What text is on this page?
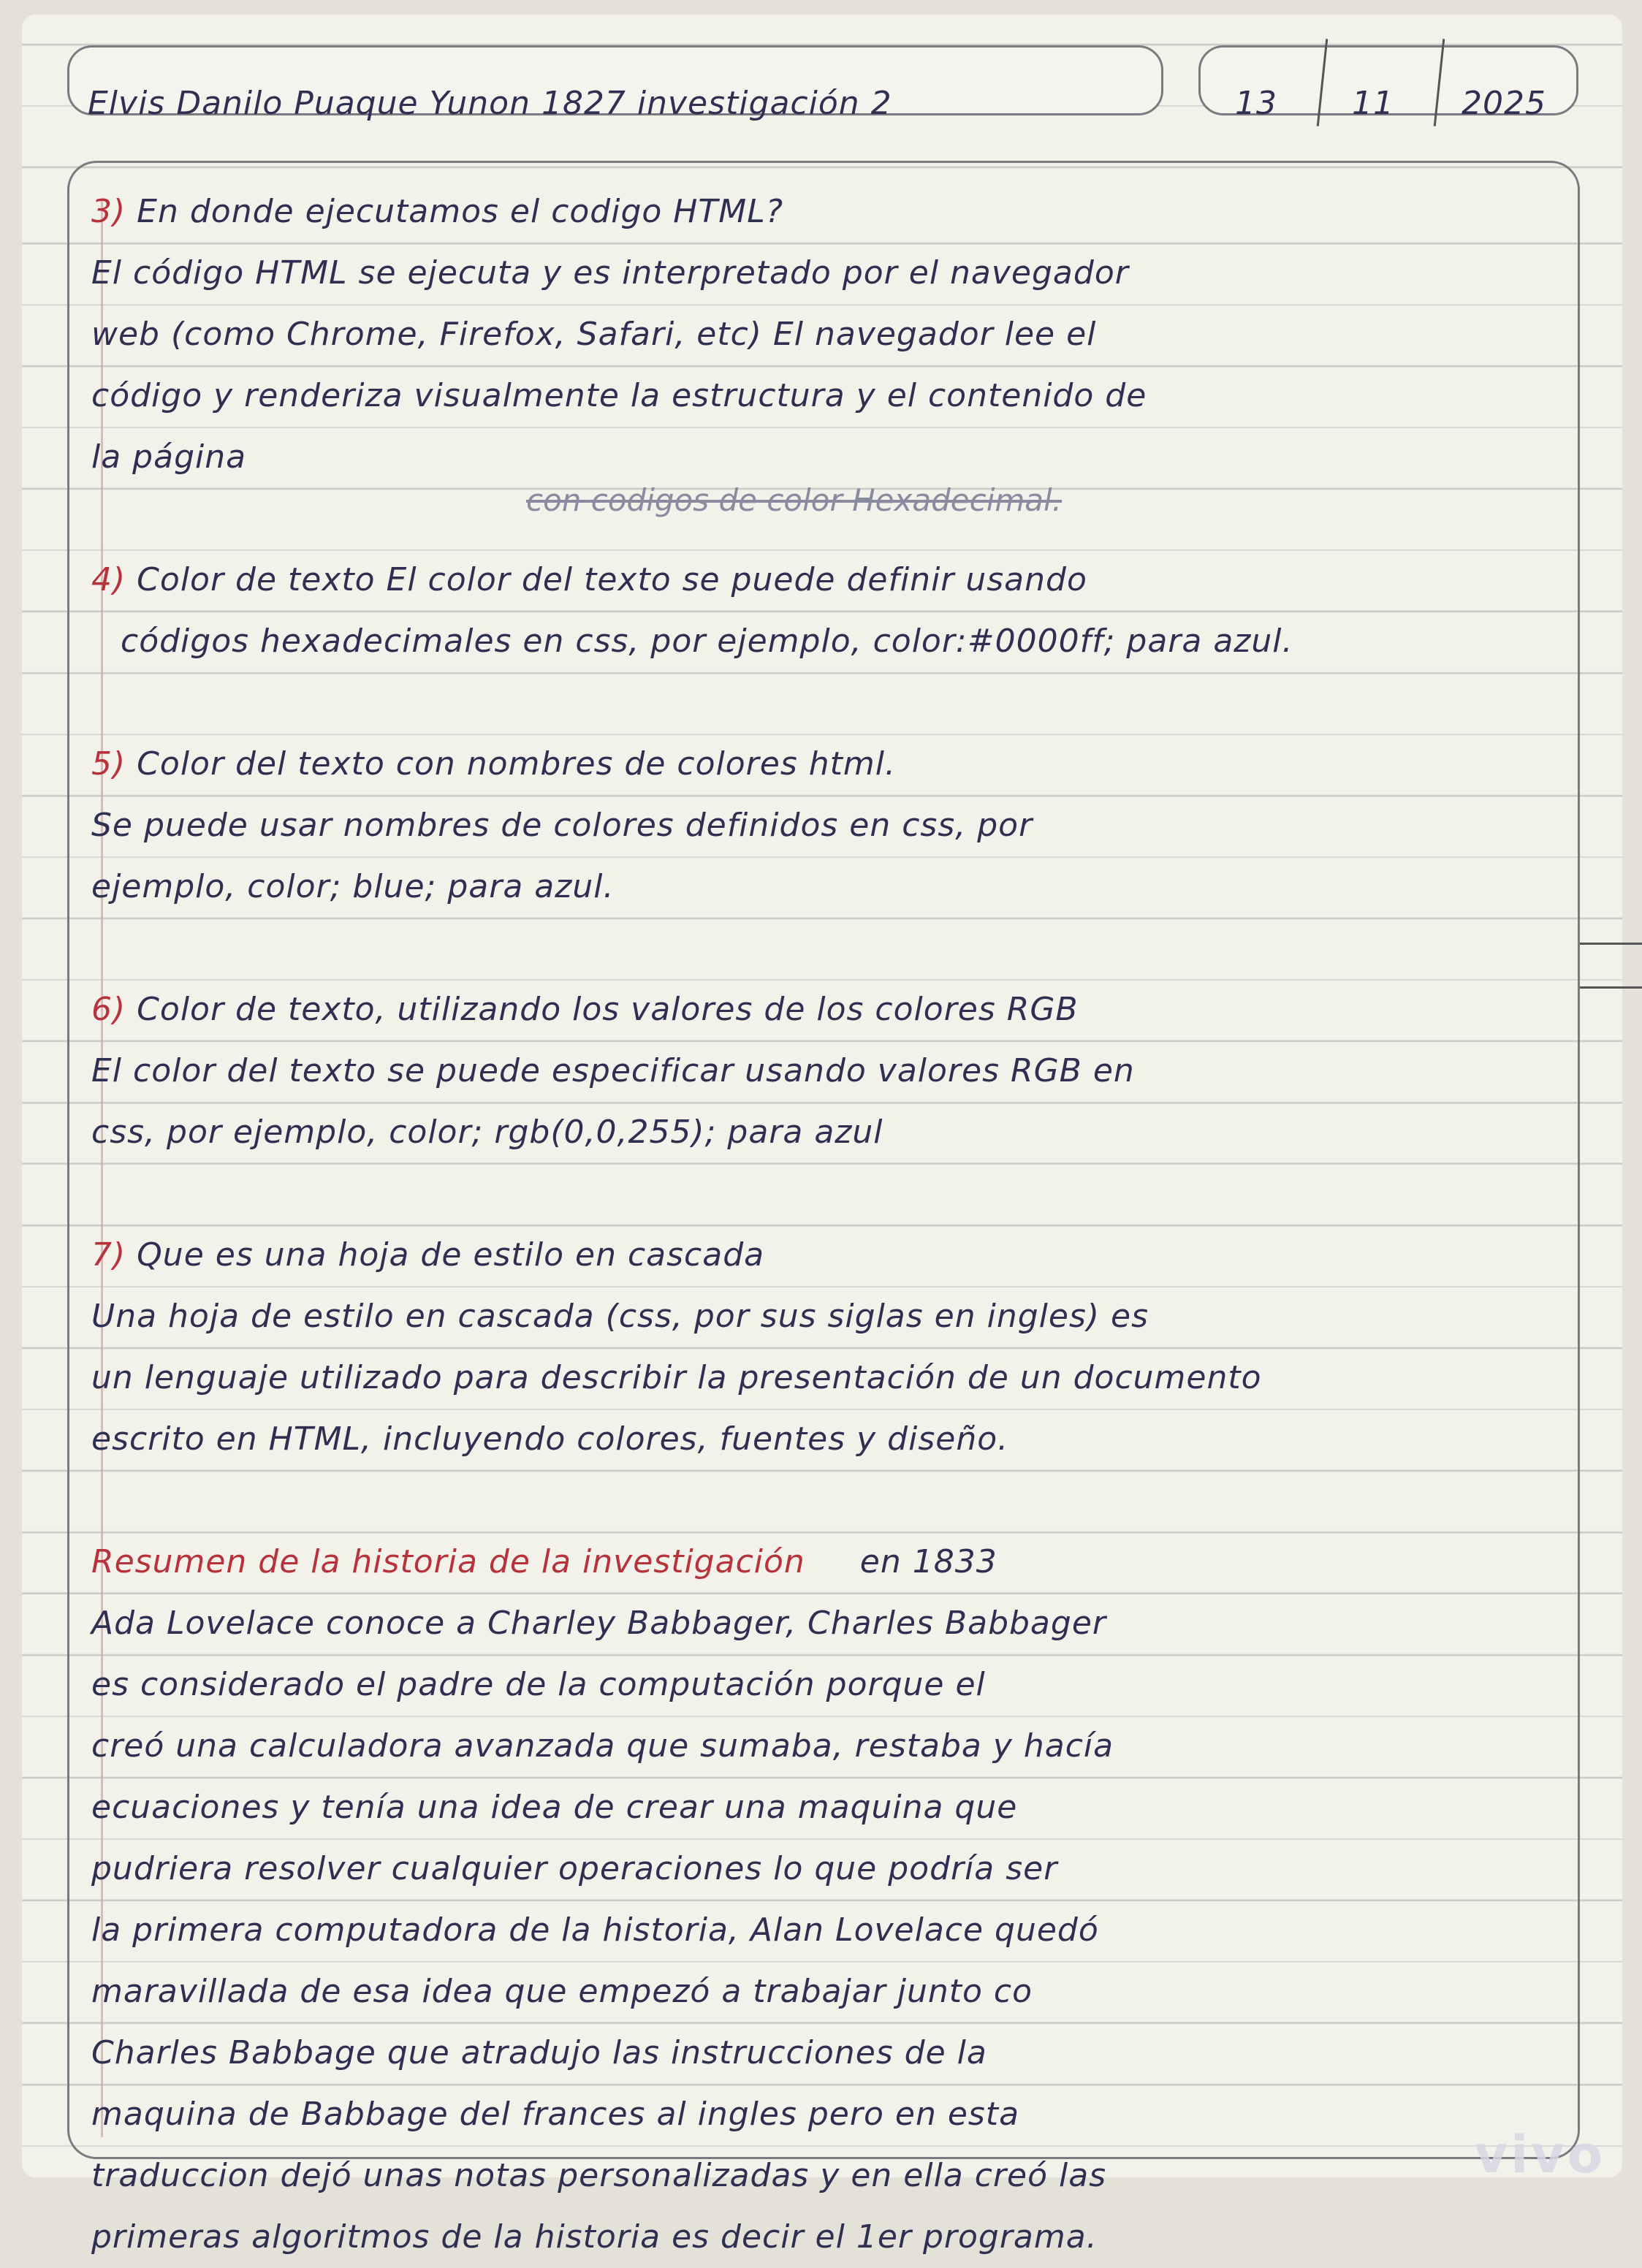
Elvis Danilo Puaque Yunon 1827 investigación 2	13 11 2025
con codigos de color Hexadecimal.
3) En donde ejecutamos el codigo HTML?
El código HTML se ejecuta y es interpretado por el navegador
web (como Chrome, Firefox, Safari, etc) El navegador lee el
código y renderiza visualmente la estructura y el contenido de
la página
4) Color de texto El color del texto se puede definir usando
códigos hexadecimales en css, por ejemplo, color:#0000ff; para azul.
5) Color del texto con nombres de colores html.
Se puede usar nombres de colores definidos en css, por
ejemplo, color; blue; para azul.
6) Color de texto, utilizando los valores de los colores RGB
El color del texto se puede especificar usando valores RGB en
css, por ejemplo, color; rgb(0,0,255); para azul
7) Que es una hoja de estilo en cascada
Una hoja de estilo en cascada (css, por sus siglas en ingles) es
un lenguaje utilizado para describir la presentación de un documento
escrito en HTML, incluyendo colores, fuentes y diseño.
Resumen de la historia de la investigación en 1833
Ada Lovelace conoce a Charley Babbager, Charles Babbager
es considerado el padre de la computación porque el
creó una calculadora avanzada que sumaba, restaba y hacía
ecuaciones y tenía una idea de crear una maquina que
pudriera resolver cualquier operaciones lo que podría ser
la primera computadora de la historia, Alan Lovelace quedó
maravillada de esa idea que empezó a trabajar junto co
Charles Babbage que atradujo las instrucciones de la
maquina de Babbage del frances al ingles pero en esta
traduccion dejó unas notas personalizadas y en ella creó las
primeras algoritmos de la historia es decir el 1er programa.	vivo
